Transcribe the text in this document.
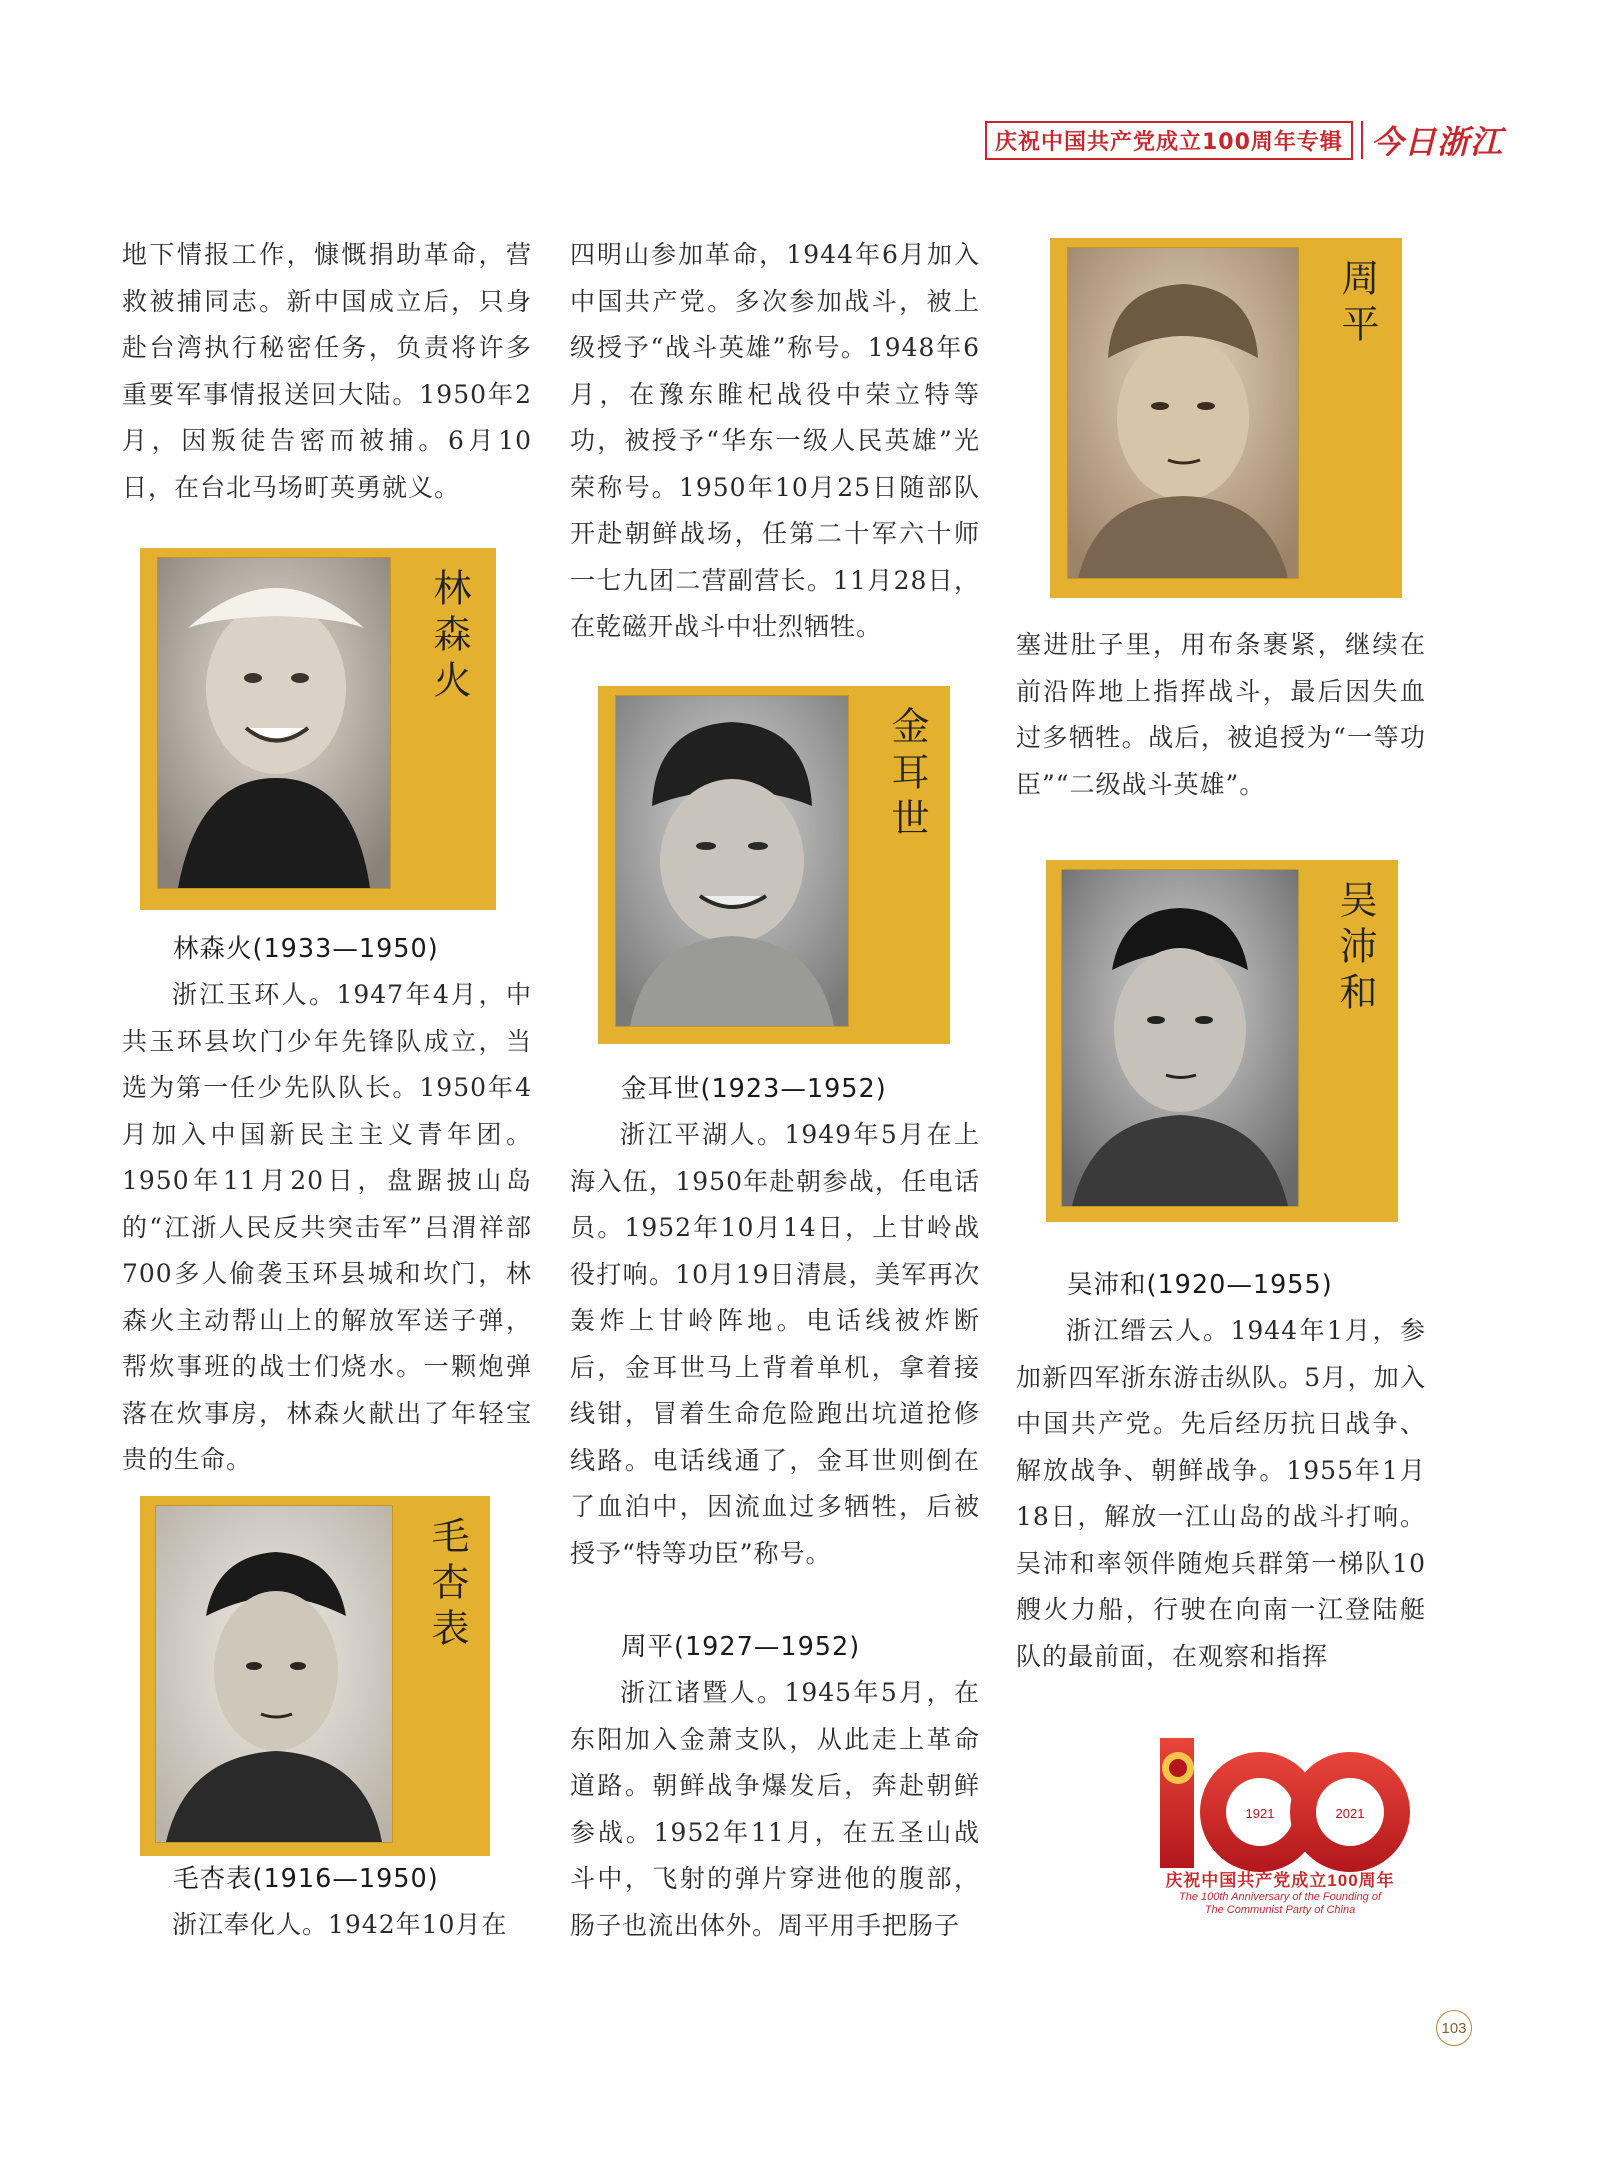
庆祝中国共产党成立100周年专辑 今日浙江

地下情报工作，慷慨捐助革命，营救被捕同志。新中国成立后，只身赴台湾执行秘密任务，负责将许多重要军事情报送回大陆。1950年2月，因叛徒告密而被捕。6月10日，在台北马场町英勇就义。

林森火
林森火(1933—1950)

浙江玉环人。1947年4月，中共玉环县坎门少年先锋队成立，当选为第一任少先队队长。1950年4月加入中国新民主主义青年团。1950年11月20日，盘踞披山岛的“江浙人民反共突击军”吕渭祥部700多人偷袭玉环县城和坎门，林森火主动帮山上的解放军送子弹，帮炊事班的战士们烧水。一颗炮弹落在炊事房，林森火献出了年轻宝贵的生命。

毛杏表
毛杏表(1916—1950)

浙江奉化人。1942年10月在

四明山参加革命，1944年6月加入中国共产党。多次参加战斗，被上级授予“战斗英雄”称号。1948年6月，在豫东睢杞战役中荣立特等功，被授予“华东一级人民英雄”光荣称号。1950年10月25日随部队开赴朝鲜战场，任第二十军六十师一七九团二营副营长。11月28日，在乾磁开战斗中壮烈牺牲。

金耳世
金耳世(1923—1952)

浙江平湖人。1949年5月在上海入伍，1950年赴朝参战，任电话员。1952年10月14日，上甘岭战役打响。10月19日清晨，美军再次轰炸上甘岭阵地。电话线被炸断后，金耳世马上背着单机，拿着接线钳，冒着生命危险跑出坑道抢修线路。电话线通了，金耳世则倒在了血泊中，因流血过多牺牲，后被授予“特等功臣”称号。

周平(1927—1952)

浙江诸暨人。1945年5月，在东阳加入金萧支队，从此走上革命道路。朝鲜战争爆发后，奔赴朝鲜参战。1952年11月，在五圣山战斗中，飞射的弹片穿进他的腹部，肠子也流出体外。周平用手把肠子

周平

塞进肚子里，用布条裹紧，继续在前沿阵地上指挥战斗，最后因失血过多牺牲。战后，被追授为“一等功臣”“二级战斗英雄”。

吴沛和
吴沛和(1920—1955)

浙江缙云人。1944年1月，参加新四军浙东游击纵队。5月，加入中国共产党。先后经历抗日战争、解放战争、朝鲜战争。1955年1月18日，解放一江山岛的战斗打响。吴沛和率领伴随炮兵群第一梯队10艘火力船，行驶在向南一江登陆艇队的最前面，在观察和指挥

1921	2021
庆祝中国共产党成立100周年
The 100th Anniversary of the Founding of
The Communist Party of China
103
